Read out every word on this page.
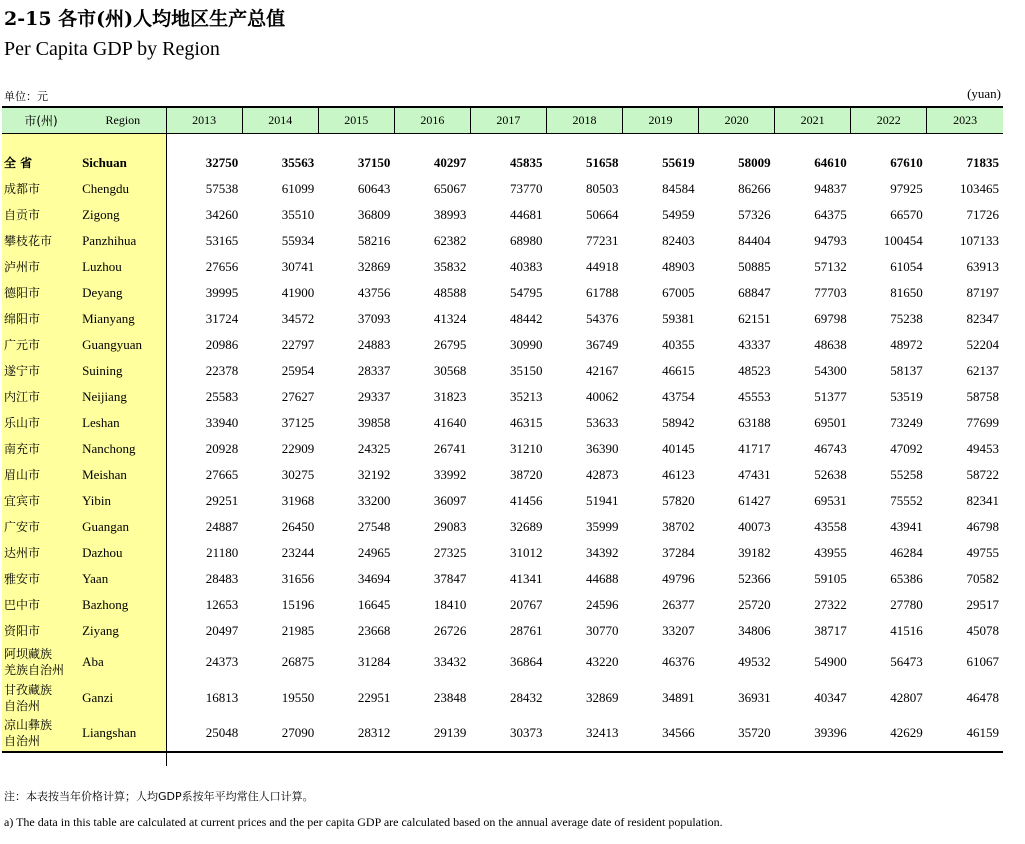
2-15 各市(州)人均地区生产总值
Per Capita GDP by Region
单位：元	(yuan)
市(州)	Region	2013	2014	2015	2016	2017	2018	2019	2020	2021	2022	2023

全 省	Sichuan	32750	35563	37150	40297	45835	51658	55619	58009	64610	67610	71835
成都市	Chengdu	57538	61099	60643	65067	73770	80503	84584	86266	94837	97925	103465
自贡市	Zigong	34260	35510	36809	38993	44681	50664	54959	57326	64375	66570	71726
攀枝花市	Panzhihua	53165	55934	58216	62382	68980	77231	82403	84404	94793	100454	107133
泸州市	Luzhou	27656	30741	32869	35832	40383	44918	48903	50885	57132	61054	63913
德阳市	Deyang	39995	41900	43756	48588	54795	61788	67005	68847	77703	81650	87197
绵阳市	Mianyang	31724	34572	37093	41324	48442	54376	59381	62151	69798	75238	82347
广元市	Guangyuan	20986	22797	24883	26795	30990	36749	40355	43337	48638	48972	52204
遂宁市	Suining	22378	25954	28337	30568	35150	42167	46615	48523	54300	58137	62137
内江市	Neijiang	25583	27627	29337	31823	35213	40062	43754	45553	51377	53519	58758
乐山市	Leshan	33940	37125	39858	41640	46315	53633	58942	63188	69501	73249	77699
南充市	Nanchong	20928	22909	24325	26741	31210	36390	40145	41717	46743	47092	49453
眉山市	Meishan	27665	30275	32192	33992	38720	42873	46123	47431	52638	55258	58722
宜宾市	Yibin	29251	31968	33200	36097	41456	51941	57820	61427	69531	75552	82341
广安市	Guangan	24887	26450	27548	29083	32689	35999	38702	40073	43558	43941	46798
达州市	Dazhou	21180	23244	24965	27325	31012	34392	37284	39182	43955	46284	49755
雅安市	Yaan	28483	31656	34694	37847	41341	44688	49796	52366	59105	65386	70582
巴中市	Bazhong	12653	15196	16645	18410	20767	24596	26377	25720	27322	27780	29517
资阳市	Ziyang	20497	21985	23668	26726	28761	30770	33207	34806	38717	41516	45078

阿坝藏族
羌族自治州	Aba	24373	26875	31284	33432	36864	43220	46376	49532	54900	56473	61067

甘孜藏族
自治州	Ganzi	16813	19550	22951	23848	28432	32869	34891	36931	40347	42807	46478

凉山彝族
自治州	Liangshan	25048	27090	28312	29139	30373	32413	34566	35720	39396	42629	46159
注：本表按当年价格计算；人均GDP系按年平均常住人口计算。
a) The data in this table are calculated at current prices and the per capita GDP are calculated based on the annual average date of resident population.
